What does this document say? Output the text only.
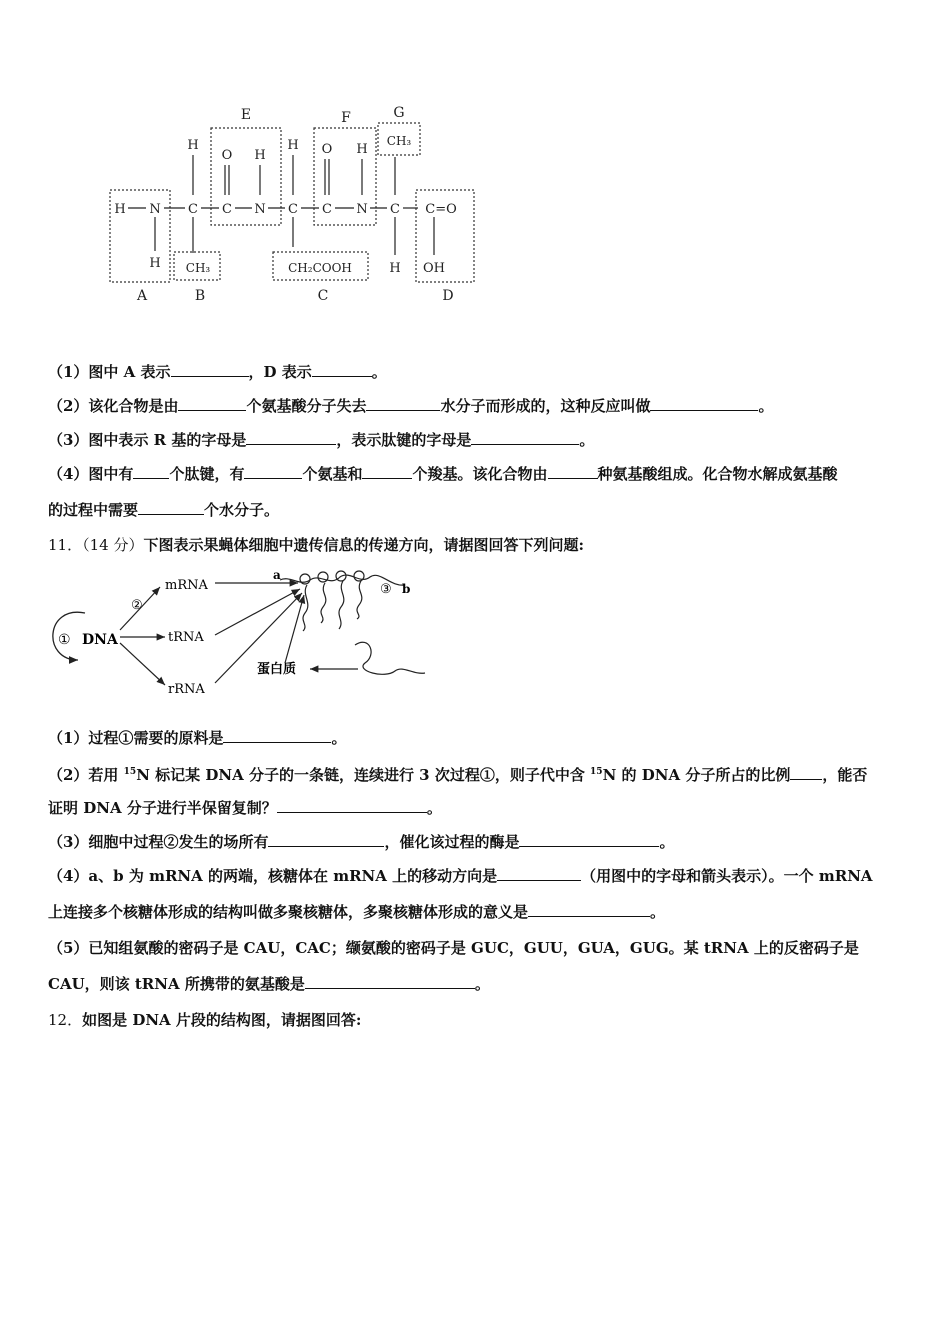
E	F	G
A	B	C	D
H N C C N C C N C C=O
H
O H
H O H
H	H OH
CH₃	CH₂COOH
CH₃
（1）图中 A 表示	，D 表示	。
（2）该化合物是由	个氨基酸分子失去	水分子而形成的，这种反应叫做	。
（3）图中表示 R 基的字母是	，表示肽键的字母是	。
（4）图中有 个肽键，有	个氨基和	个羧基。该化合物由	种氨基酸组成。化合物水解成氨基酸
的过程中需要	个水分子。
11．（14 分）下图表示果蝇体细胞中遗传信息的传递方向，请据图回答下列问题:
① DNA
mRNA
tRNA
rRNA
②
a
③ b
蛋白质
（1）过程①需要的原料是	。
（2）若用 $^{15}$N 标记某 DNA 分子的一条链，连续进行 3 次过程①，则子代中含 $^{15}$N 的 DNA 分子所占的比例 ，能否
证明 DNA 分子进行半保留复制？	。
（3）细胞中过程②发生的场所有	，催化该过程的酶是	。
（4）a、b 为 mRNA 的两端，核糖体在 mRNA 上的移动方向是	（用图中的字母和箭头表示）。一个 mRNA
上连接多个核糖体形成的结构叫做多聚核糖体，多聚核糖体形成的意义是	。
（5）已知组氨酸的密码子是 CAU，CAC；缬氨酸的密码子是 GUC，GUU，GUA，GUG。某 tRNA 上的反密码子是
CAU，则该 tRNA 所携带的氨基酸是	。
12．如图是 DNA 片段的结构图，请据图回答:
